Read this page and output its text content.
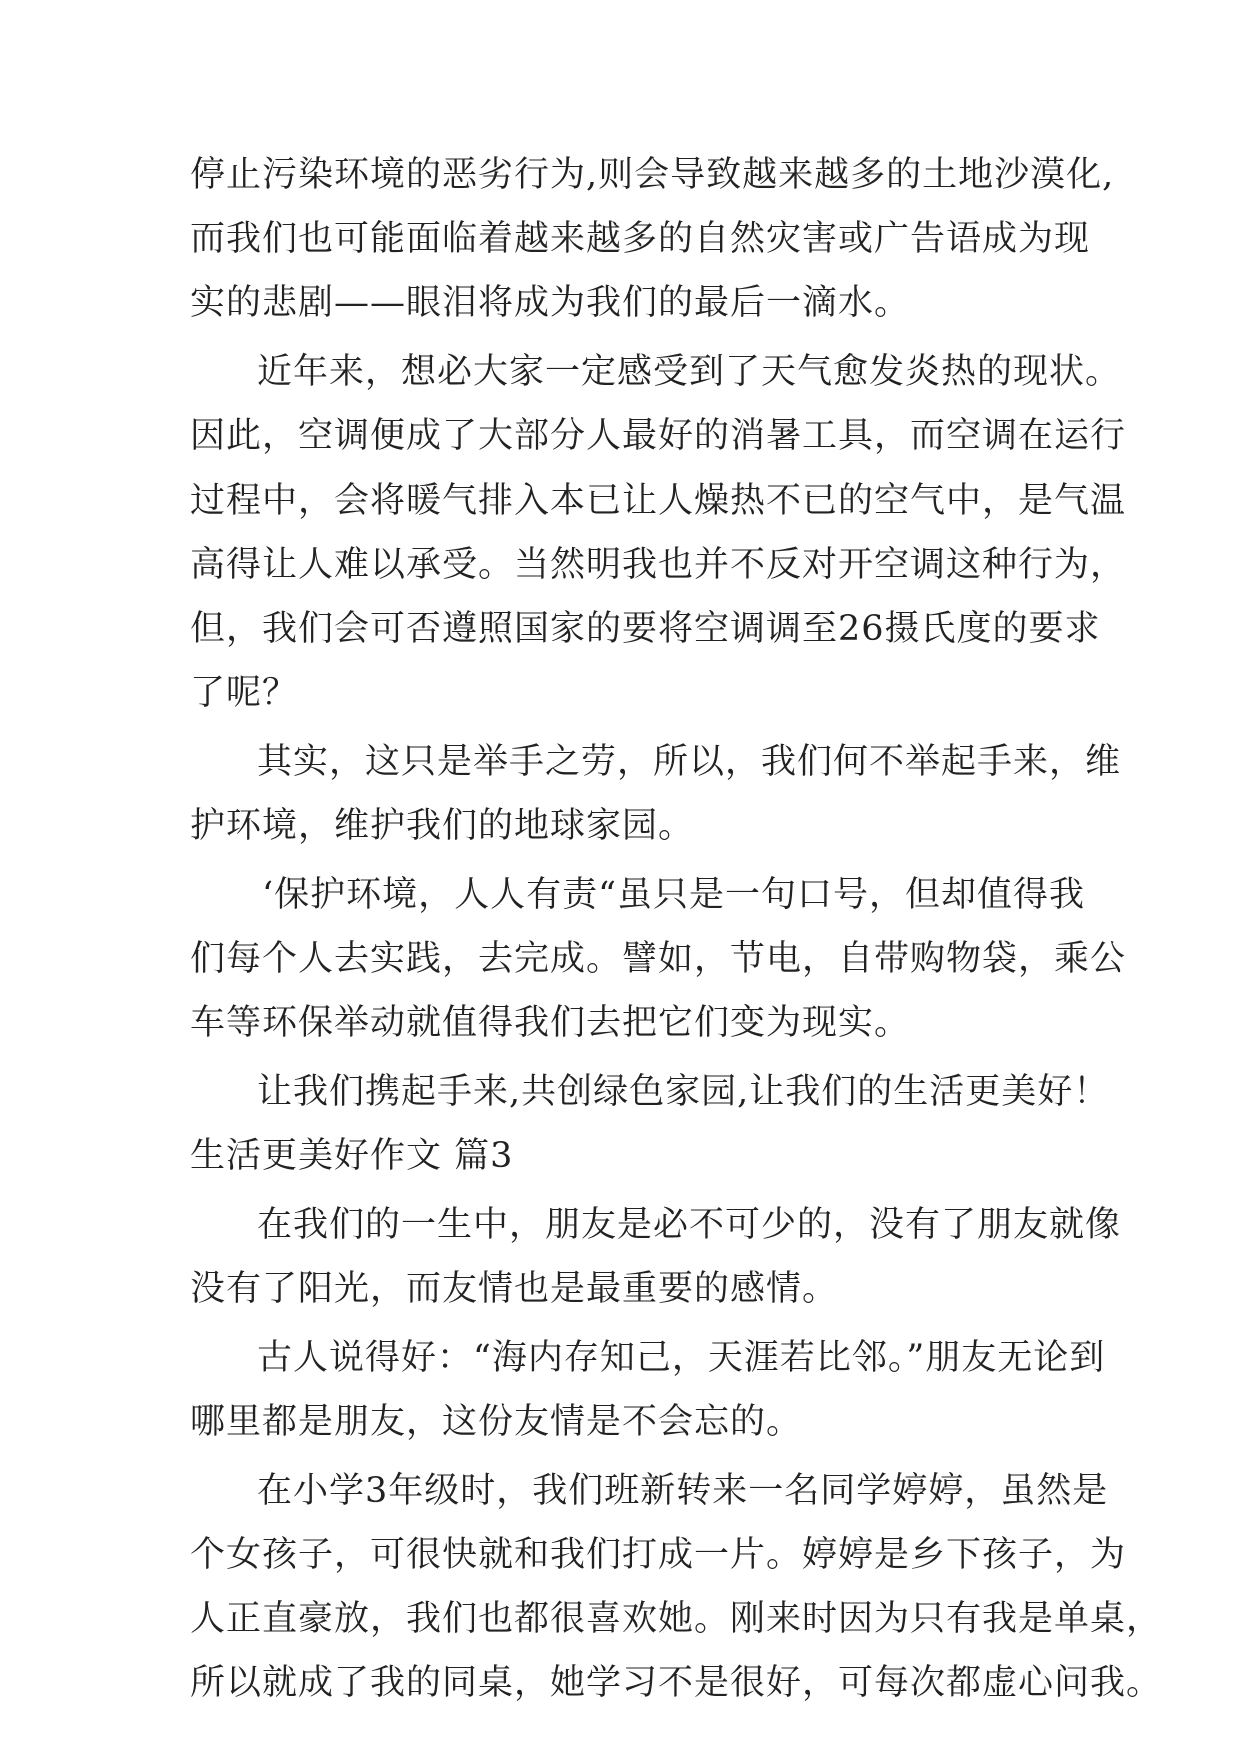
停止污染环境的恶劣行为,则会导致越来越多的土地沙漠化,

而我们也可能面临着越来越多的自然灾害或广告语成为现

实的悲剧——眼泪将成为我们的最后一滴水。

近年来，想必大家一定感受到了天气愈发炎热的现状。

因此，空调便成了大部分人最好的消暑工具，而空调在运行

过程中，会将暖气排入本已让人燥热不已的空气中，是气温

高得让人难以承受。当然明我也并不反对开空调这种行为，

但，我们会可否遵照国家的要将空调调至26摄氏度的要求

了呢？

其实，这只是举手之劳，所以，我们何不举起手来，维

护环境，维护我们的地球家园。

‘保护环境，人人有责“虽只是一句口号，但却值得我

们每个人去实践，去完成。譬如，节电，自带购物袋，乘公

车等环保举动就值得我们去把它们变为现实。

让我们携起手来,共创绿色家园,让我们的生活更美好！

生活更美好作文 篇3

在我们的一生中，朋友是必不可少的，没有了朋友就像

没有了阳光，而友情也是最重要的感情。

古人说得好：“海内存知己，天涯若比邻。”朋友无论到

哪里都是朋友，这份友情是不会忘的。

在小学3年级时，我们班新转来一名同学婷婷，虽然是

个女孩子，可很快就和我们打成一片。婷婷是乡下孩子，为

人正直豪放，我们也都很喜欢她。刚来时因为只有我是单桌，

所以就成了我的同桌，她学习不是很好，可每次都虚心问我。
